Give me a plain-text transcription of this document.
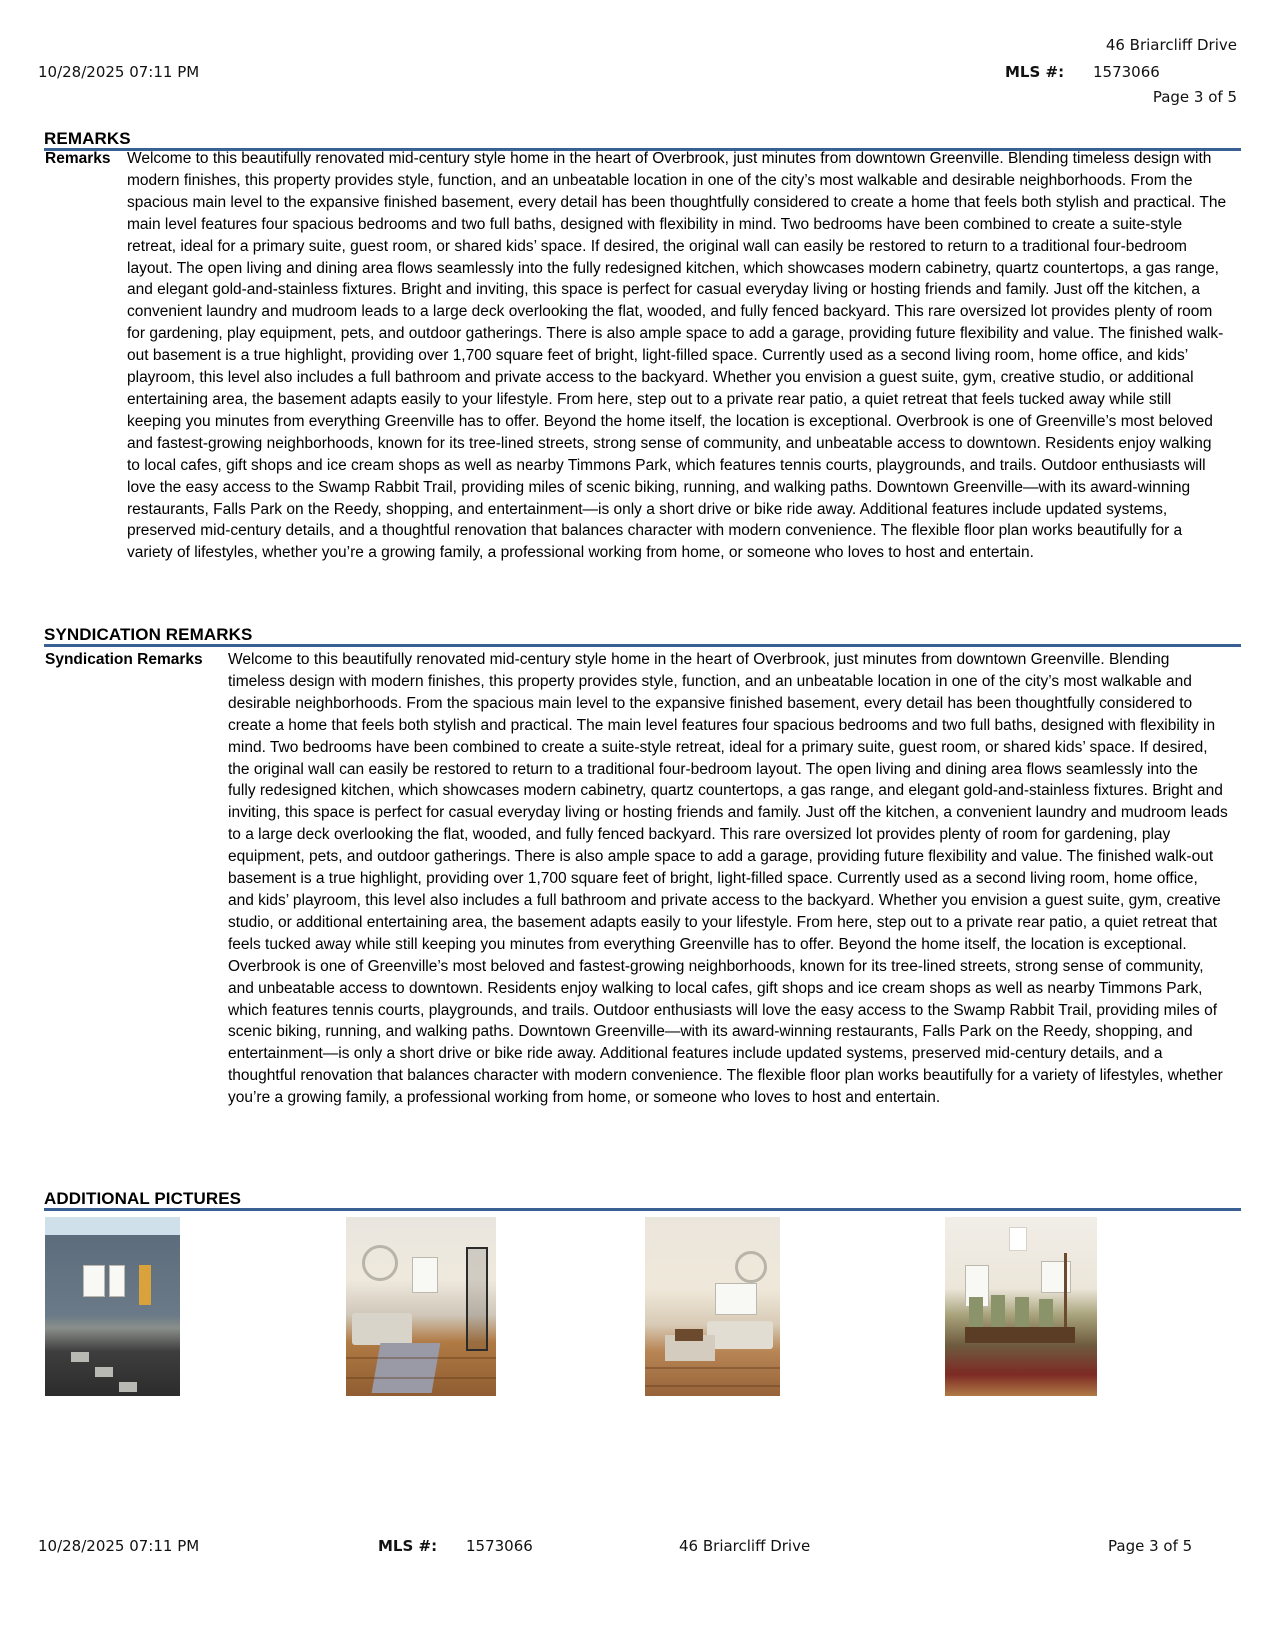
46 Briarcliff Drive
10/28/2025 07:11 PM	MLS #: 1573066
Page 3 of 5
REMARKS
Remarks Welcome to this beautifully renovated mid-century style home in the heart of Overbrook, just minutes from downtown Greenville. Blending timeless design with modern finishes, this property provides style, function, and an unbeatable location in one of the city’s most walkable and desirable neighborhoods. From the spacious main level to the expansive finished basement, every detail has been thoughtfully considered to create a home that feels both stylish and practical. The main level features four spacious bedrooms and two full baths, designed with flexibility in mind. Two bedrooms have been combined to create a suite-style retreat, ideal for a primary suite, guest room, or shared kids’ space. If desired, the original wall can easily be restored to return to a traditional four-bedroom layout. The open living and dining area flows seamlessly into the fully redesigned kitchen, which showcases modern cabinetry, quartz countertops, a gas range, and elegant gold-and-stainless fixtures. Bright and inviting, this space is perfect for casual everyday living or hosting friends and family. Just off the kitchen, a convenient laundry and mudroom leads to a large deck overlooking the flat, wooded, and fully fenced backyard. This rare oversized lot provides plenty of room for gardening, play equipment, pets, and outdoor gatherings. There is also ample space to add a garage, providing future flexibility and value. The finished walk-out basement is a true highlight, providing over 1,700 square feet of bright, light-filled space. Currently used as a second living room, home office, and kids’ playroom, this level also includes a full bathroom and private access to the backyard. Whether you envision a guest suite, gym, creative studio, or additional entertaining area, the basement adapts easily to your lifestyle. From here, step out to a private rear patio, a quiet retreat that feels tucked away while still keeping you minutes from everything Greenville has to offer. Beyond the home itself, the location is exceptional. Overbrook is one of Greenville’s most beloved and fastest-growing neighborhoods, known for its tree-lined streets, strong sense of community, and unbeatable access to downtown. Residents enjoy walking to local cafes, gift shops and ice cream shops as well as nearby Timmons Park, which features tennis courts, playgrounds, and trails. Outdoor enthusiasts will love the easy access to the Swamp Rabbit Trail, providing miles of scenic biking, running, and walking paths. Downtown Greenville—with its award-winning restaurants, Falls Park on the Reedy, shopping, and entertainment—is only a short drive or bike ride away. Additional features include updated systems, preserved mid-century details, and a thoughtful renovation that balances character with modern convenience. The flexible floor plan works beautifully for a variety of lifestyles, whether you’re a growing family, a professional working from home, or someone who loves to host and entertain.
SYNDICATION REMARKS
Syndication Remarks Welcome to this beautifully renovated mid-century style home in the heart of Overbrook, just minutes from downtown Greenville. Blending timeless design with modern finishes, this property provides style, function, and an unbeatable location in one of the city’s most walkable and desirable neighborhoods. From the spacious main level to the expansive finished basement, every detail has been thoughtfully considered to create a home that feels both stylish and practical. The main level features four spacious bedrooms and two full baths, designed with flexibility in mind. Two bedrooms have been combined to create a suite-style retreat, ideal for a primary suite, guest room, or shared kids’ space. If desired, the original wall can easily be restored to return to a traditional four-bedroom layout. The open living and dining area flows seamlessly into the fully redesigned kitchen, which showcases modern cabinetry, quartz countertops, a gas range, and elegant gold-and-stainless fixtures. Bright and inviting, this space is perfect for casual everyday living or hosting friends and family. Just off the kitchen, a convenient laundry and mudroom leads to a large deck overlooking the flat, wooded, and fully fenced backyard. This rare oversized lot provides plenty of room for gardening, play equipment, pets, and outdoor gatherings. There is also ample space to add a garage, providing future flexibility and value. The finished walk-out basement is a true highlight, providing over 1,700 square feet of bright, light-filled space. Currently used as a second living room, home office, and kids’ playroom, this level also includes a full bathroom and private access to the backyard. Whether you envision a guest suite, gym, creative studio, or additional entertaining area, the basement adapts easily to your lifestyle. From here, step out to a private rear patio, a quiet retreat that feels tucked away while still keeping you minutes from everything Greenville has to offer. Beyond the home itself, the location is exceptional. Overbrook is one of Greenville’s most beloved and fastest-growing neighborhoods, known for its tree-lined streets, strong sense of community, and unbeatable access to downtown. Residents enjoy walking to local cafes, gift shops and ice cream shops as well as nearby Timmons Park, which features tennis courts, playgrounds, and trails. Outdoor enthusiasts will love the easy access to the Swamp Rabbit Trail, providing miles of scenic biking, running, and walking paths. Downtown Greenville—with its award-winning restaurants, Falls Park on the Reedy, shopping, and entertainment—is only a short drive or bike ride away. Additional features include updated systems, preserved mid-century details, and a thoughtful renovation that balances character with modern convenience. The flexible floor plan works beautifully for a variety of lifestyles, whether you’re a growing family, a professional working from home, or someone who loves to host and entertain.
ADDITIONAL PICTURES
10/28/2025 07:11 PM	MLS #: 1573066	46 Briarcliff Drive	Page 3 of 5
